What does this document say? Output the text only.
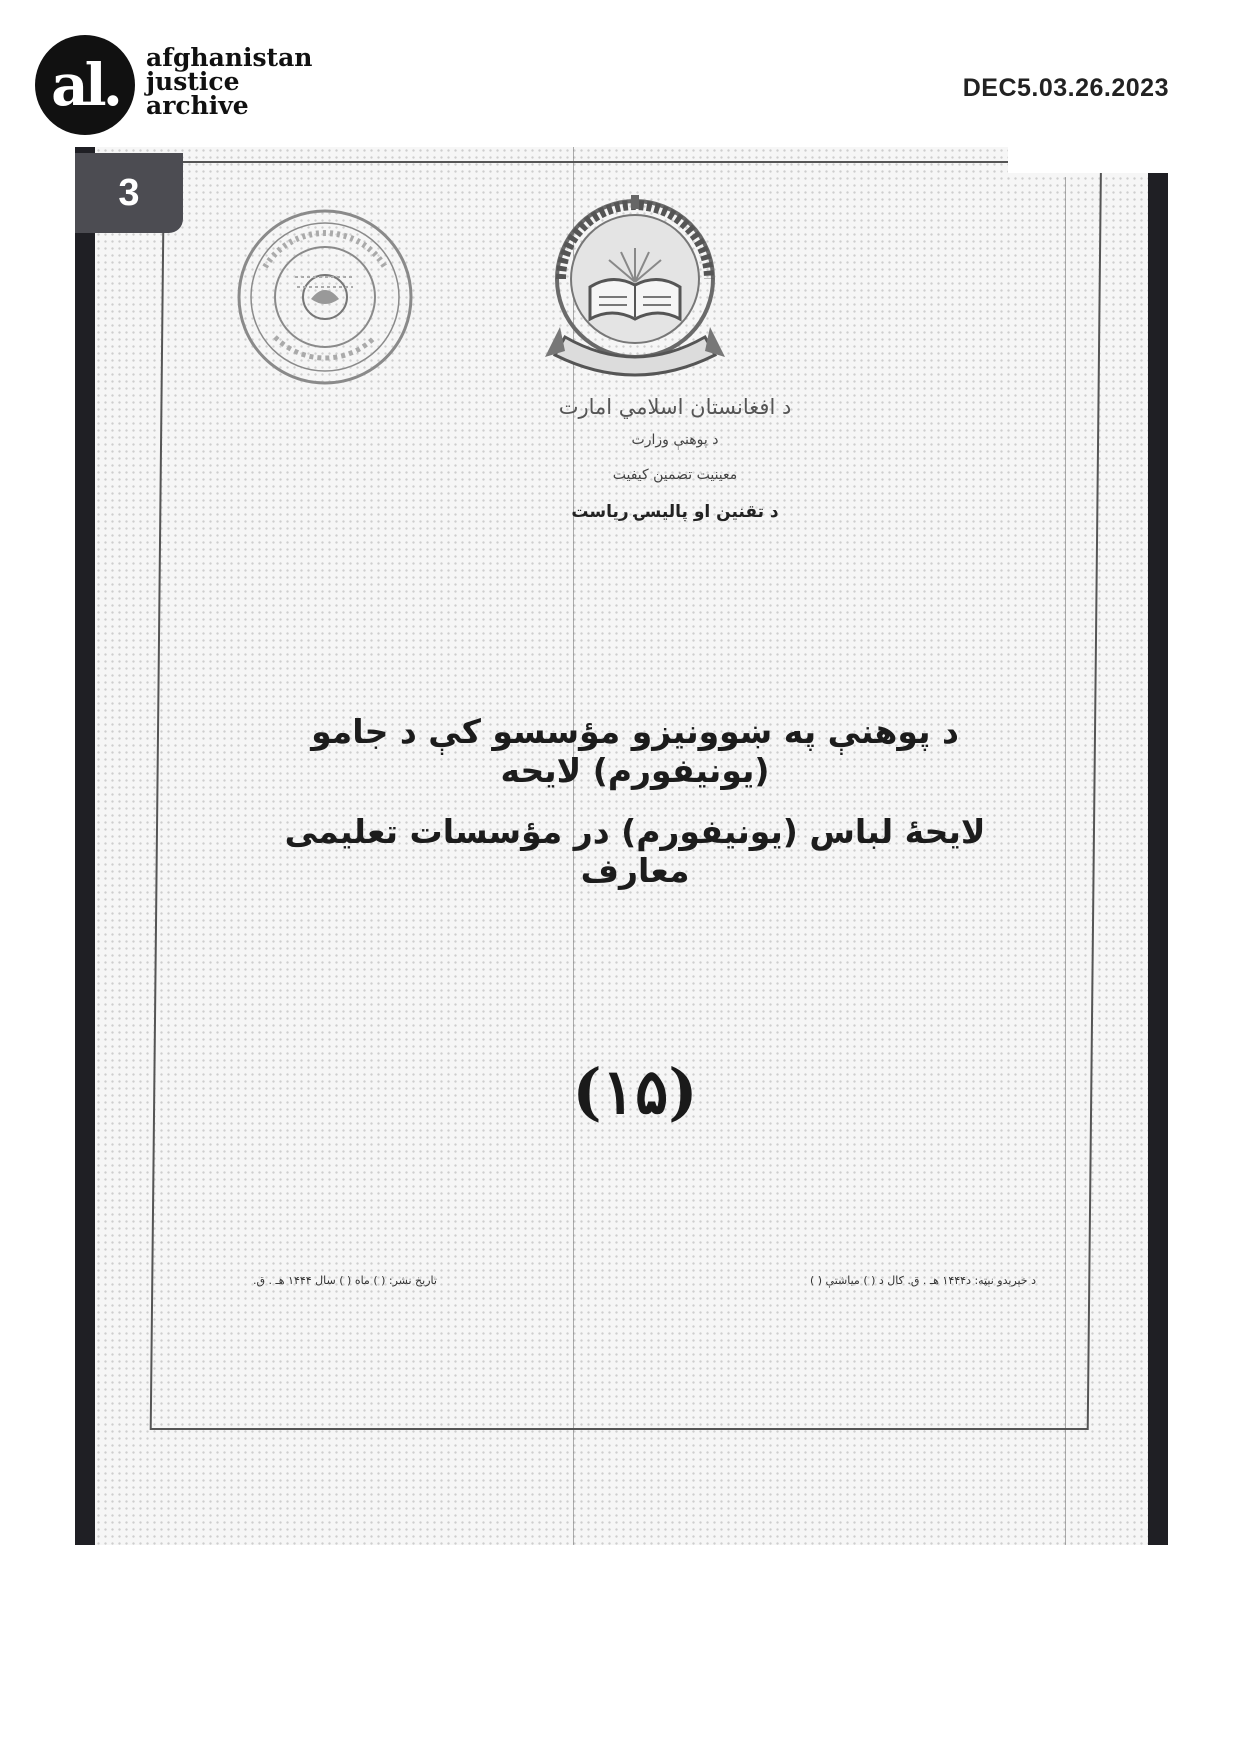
al. afghanistan
justice
archive
DEC5.03.26.2023
د افغانستان اسلامي امارت
د پوهنې وزارت
معینیت تضمین کیفیت
د تقنین او پالیسۍ ریاست
د پوهنې په ښوونیزو مؤسسو کې د جامو (یونیفورم) لایحه
لایحهٔ لباس (یونیفورم) در مؤسسات تعلیمی معارف
(۱۵)
د خپرېدو نېټه: د۱۴۴۴ هـ . ق. کال د ( ) میاشتې ( )
تاریخ نشر: ( ) ماه ( ) سال ۱۴۴۴ هـ . ق.
3
